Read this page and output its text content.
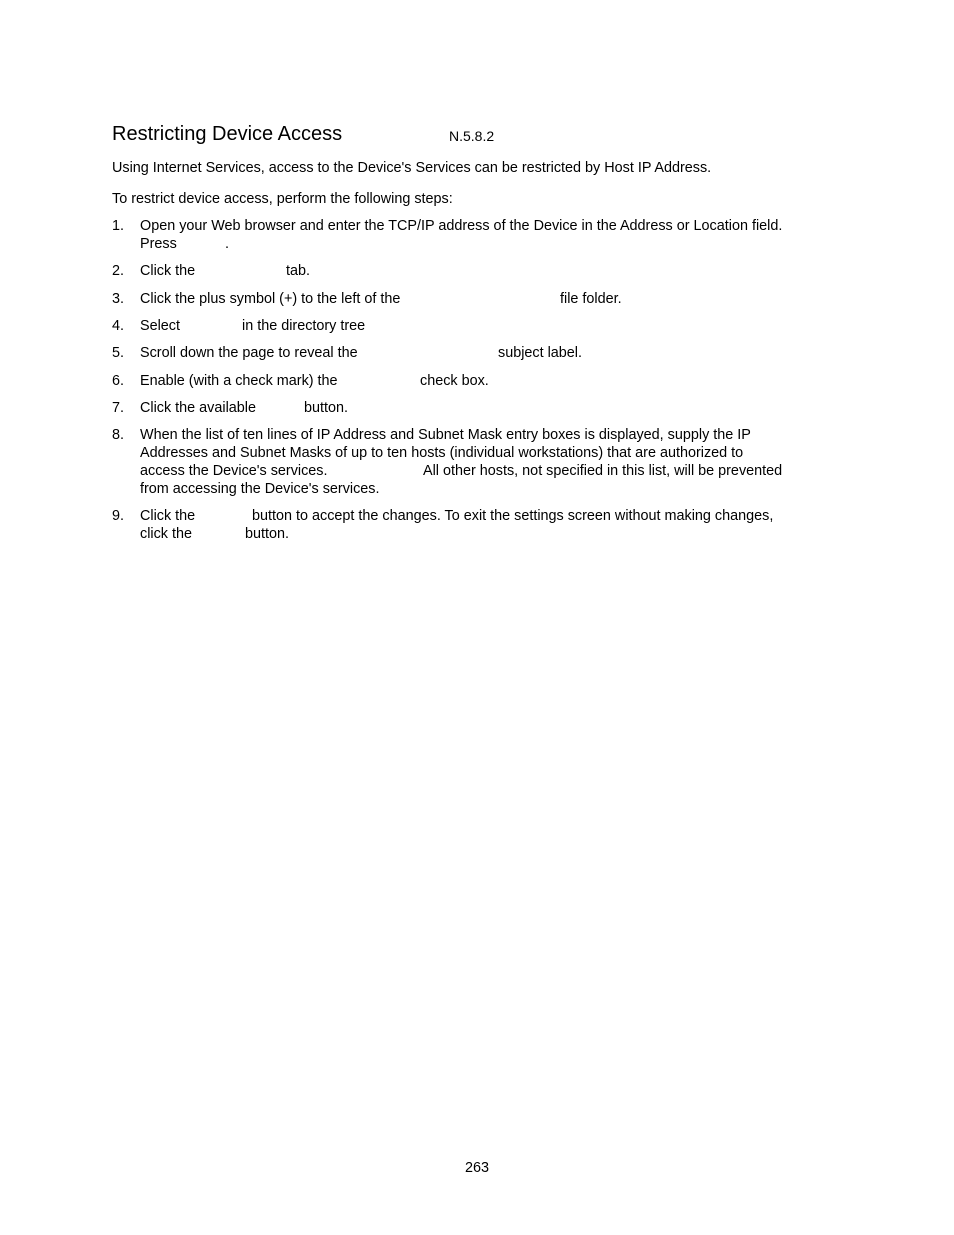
Restricting Device Access	N.5.8.2
Using Internet Services, access to the Device's Services can be restricted by Host IP Address.
To restrict device access, perform the following steps:
1.	Open your Web browser and enter the TCP/IP address of the Device in the Address or Location field.
Press	.
2.	Click the	tab.
3.	Click the plus symbol (+) to the left of the	file folder.
4.	Select	in the directory tree
5.	Scroll down the page to reveal the	subject label.
6.	Enable (with a check mark) the	check box.
7.	Click the available	button.
8.	When the list of ten lines of IP Address and Subnet Mask entry boxes is displayed, supply the IP
Addresses and Subnet Masks of up to ten hosts (individual workstations) that are authorized to
access the Device's services.	All other hosts, not specified in this list, will be prevented
from accessing the Device's services.
9.	Click the	button to accept the changes. To exit the settings screen without making changes,
click the	button.
263
